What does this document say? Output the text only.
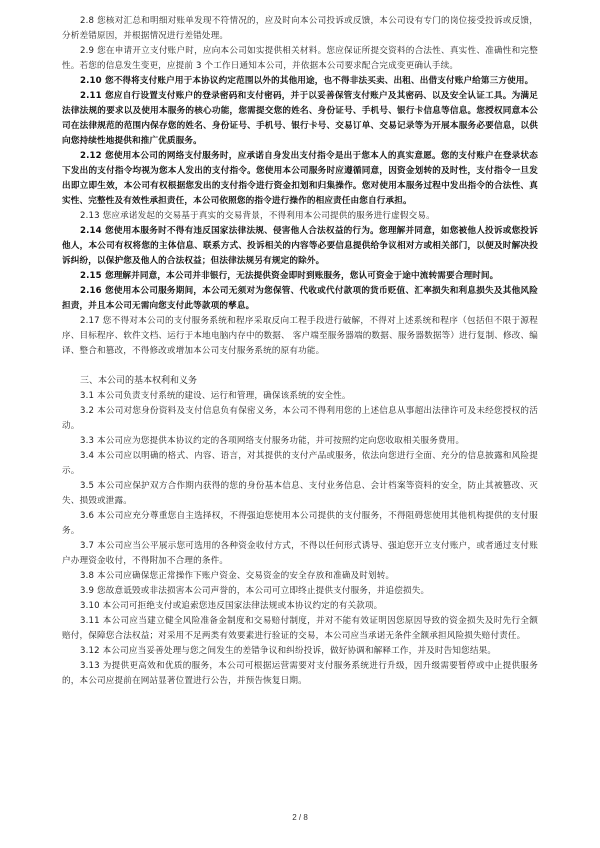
2.8 您核对汇总和明细对账单发现不符情况的，应及时向本公司投诉或反馈，本公司设有专门的岗位接受投诉或反馈，分析差错原因，并根据情况进行差错处理。

2.9 您在申请开立支付账户时，应向本公司如实提供相关材料。您应保证所提交资料的合法性、真实性、准确性和完整性。若您的信息发生变更，应提前 3 个工作日通知本公司，并依据本公司要求配合完成变更确认手续。

2.10 您不得将支付账户用于本协议约定范围以外的其他用途，也不得非法买卖、出租、出借支付账户给第三方使用。

2.11 您应自行设置支付账户的登录密码和支付密码，并于以妥善保管支付账户及其密码、以及安全认证工具。为满足法律法规的要求以及使用本服务的核心功能，您需提交您的姓名、身份证号、手机号、银行卡信息等信息。您授权同意本公司在法律规范的范围内保存您的姓名、身份证号、手机号、银行卡号、交易订单、交易记录等为开展本服务必要信息，以供向您持续性地提供和推广优质服务。

2.12 您使用本公司的网络支付服务时，应承诺自身发出支付指令是出于您本人的真实意愿。您的支付账户在登录状态下发出的支付指令均视为您本人发出的支付指令。您使用本公司服务时应遵循同意，因资金划转的及时性，支付指令一旦发出即立即生效，本公司有权根据您发出的支付指令进行资金扣划和归集操作。您对使用本服务过程中发出指令的合法性、真实性、完整性及有效性承担责任，本公司依照您的指令进行操作的相应责任由您自行承担。

2.13 您应承诺发起的交易基于真实的交易背景，不得利用本公司提供的服务进行虚假交易。

2.14 您使用本服务时不得有违反国家法律法规、侵害他人合法权益的行为。您理解并同意，如您被他人投诉或您投诉他人，本公司有权将您的主体信息、联系方式、投诉相关的内容等必要信息提供给争议相对方或相关部门，以便及时解决投诉纠纷，以保护您及他人的合法权益；但法律法规另有规定的除外。

2.15 您理解并同意，本公司并非银行，无法提供资金即时到账服务，您认可资金于途中流转需要合理时间。

2.16 您使用本公司服务期间，本公司无须对为您保管、代收或代付款项的货币贬值、汇率损失和利息损失及其他风险担责，并且本公司无需向您支付此等款项的孳息。

2.17 您不得对本公司的支付服务系统和程序采取反向工程手段进行破解，不得对上述系统和程序（包括但不限于源程序、目标程序、软件文档、运行于本地电脑内存中的数据、 客户端至服务器端的数据、服务器数据等）进行复制、修改、编译、整合和篡改，不得修改或增加本公司支付服务系统的原有功能。

三、本公司的基本权利和义务

3.1 本公司负责支付系统的建设、运行和管理，确保该系统的安全性。

3.2 本公司对您身份资料及支付信息负有保密义务，本公司不得利用您的上述信息从事超出法律许可及未经您授权的活动。

3.3 本公司应为您提供本协议约定的各项网络支付服务功能，并可按照约定向您收取相关服务费用。

3.4 本公司应以明确的格式、内容、语言，对其提供的支付产品或服务，依法向您进行全面、充分的信息披露和风险提示。

3.5 本公司应保护双方合作期内获得的您的身份基本信息、支付业务信息、会计档案等资料的安全，防止其被篡改、灭失、损毁或泄露。

3.6 本公司应充分尊重您自主选择权，不得强迫您使用本公司提供的支付服务，不得阻碍您使用其他机构提供的支付服务。

3.7 本公司应当公平展示您可选用的各种资金收付方式，不得以任何形式诱导、强迫您开立支付账户，或者通过支付账户办理资金收付，不得附加不合理的条件。

3.8 本公司应确保您正常操作下账户资金、交易资金的安全存放和准确及时划转。

3.9 您故意诋毁或非法损害本公司声誉的，本公司可立即终止提供支付服务，并追偿损失。

3.10 本公司可拒绝支付或追索您违反国家法律法规或本协议约定的有关款项。

3.11 本公司应当建立健全风险准备金制度和交易赔付制度，并对不能有效证明因您原因导致的资金损失及时先行全额赔付，保障您合法权益；对采用不足两类有效要素进行验证的交易，本公司应当承诺无条件全额承担风险损失赔付责任。

3.12 本公司应当妥善处理与您之间发生的差错争议和纠纷投诉，做好协调和解释工作，并及时告知您结果。

3.13 为提供更高效和优质的服务，本公司可根据运营需要对支付服务系统进行升级，因升级需要暂停或中止提供服务的，本公司应提前在网站显著位置进行公告，并预告恢复日期。

2 / 8
